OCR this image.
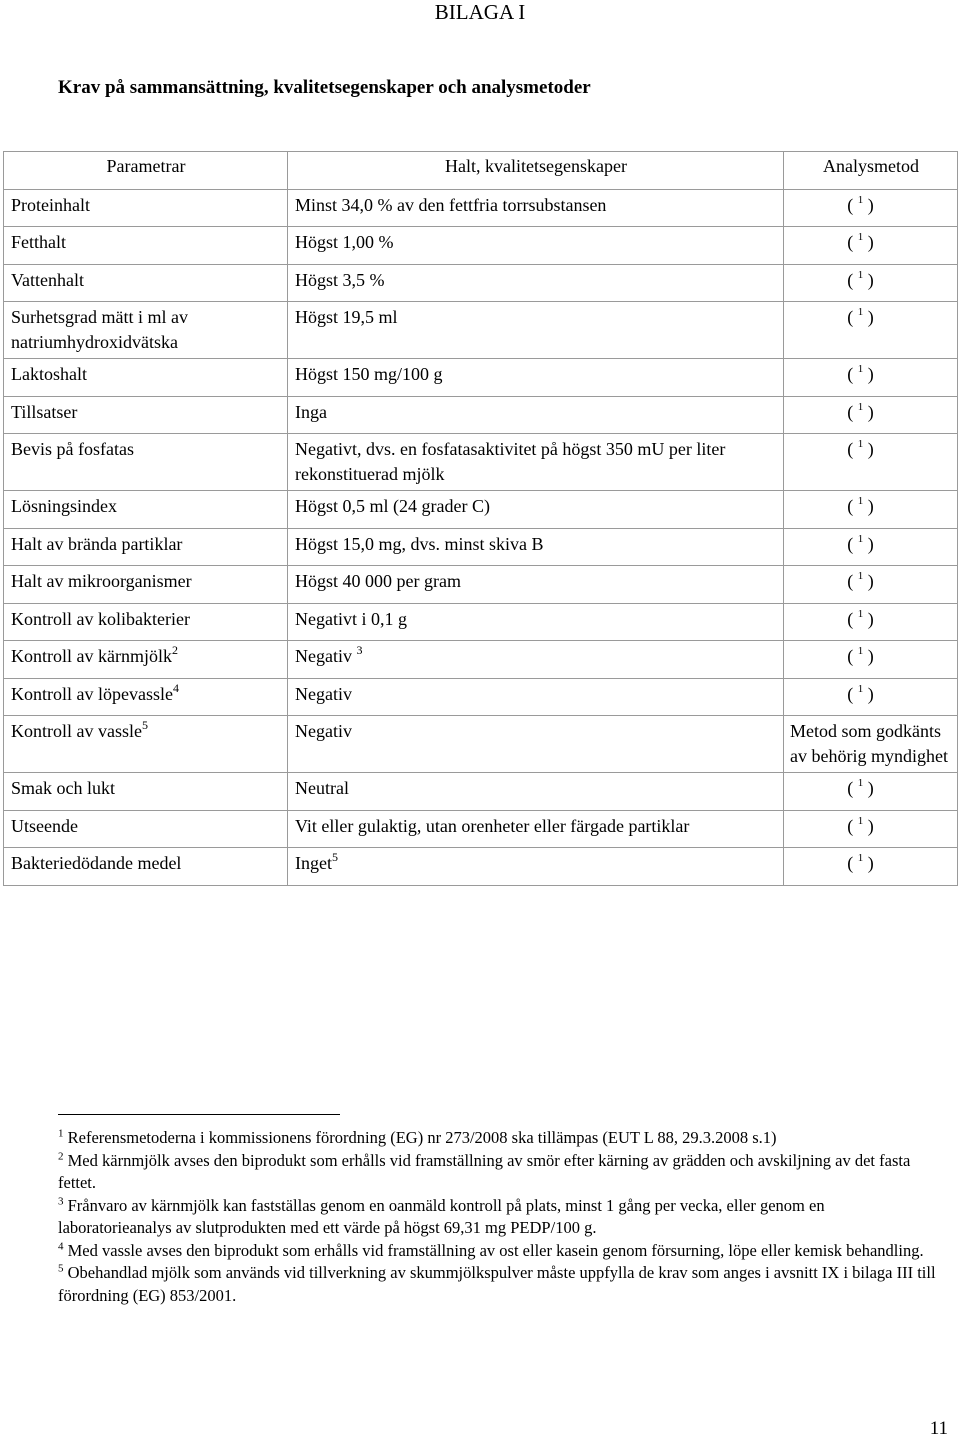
BILAGA I
Krav på sammansättning, kvalitetsegenskaper och analysmetoder
Parametrar	Halt, kvalitetsegenskaper	Analysmetod
Proteinhalt	Minst 34,0 % av den fettfria torrsubstansen	( $^1$ )
Fetthalt	Högst 1,00 %	( $^1$ )
Vattenhalt	Högst 3,5 %	( $^1$ )
Surhetsgrad mätt i ml av natriumhydroxidvätska	Högst 19,5 ml	( $^1$ )
Laktoshalt	Högst 150 mg/100 g	( $^1$ )
Tillsatser	Inga	( $^1$ )
Bevis på fosfatas	Negativt, dvs. en fosfatasaktivitet på högst 350 mU per liter rekonstituerad mjölk	( $^1$ )
Lösningsindex	Högst 0,5 ml (24 grader C)	( $^1$ )
Halt av brända partiklar	Högst 15,0 mg, dvs. minst skiva B	( $^1$ )
Halt av mikroorganismer	Högst 40 000 per gram	( $^1$ )
Kontroll av kolibakterier	Negativt i 0,1 g	( $^1$ )
Kontroll av kärnmjölk$^2$	Negativ $^3$	( $^1$ )
Kontroll av löpevassle$^4$	Negativ	( $^1$ )
Kontroll av vassle$^5$	Negativ	Metod som godkänts av behörig myndighet
Smak och lukt	Neutral	( $^1$ )
Utseende	Vit eller gulaktig, utan orenheter eller färgade partiklar	( $^1$ )
Bakteriedödande medel	Inget$^5$	( $^1$ )

$^1$ Referensmetoderna i kommissionens förordning (EG) nr 273/2008 ska tillämpas (EUT L 88, 29.3.2008 s.1)

$^2$ Med kärnmjölk avses den biprodukt som erhålls vid framställning av smör efter kärning av grädden och avskiljning av det fasta fettet.

$^3$ Frånvaro av kärnmjölk kan fastställas genom en oanmäld kontroll på plats, minst 1 gång per vecka, eller genom en laboratorieanalys av slutprodukten med ett värde på högst 69,31 mg PEDP/100 g.

$^4$ Med vassle avses den biprodukt som erhålls vid framställning av ost eller kasein genom försurning, löpe eller kemisk behandling.

$^5$ Obehandlad mjölk som används vid tillverkning av skummjölkspulver måste uppfylla de krav som anges i avsnitt IX i bilaga III till förordning (EG) 853/2001.

11
